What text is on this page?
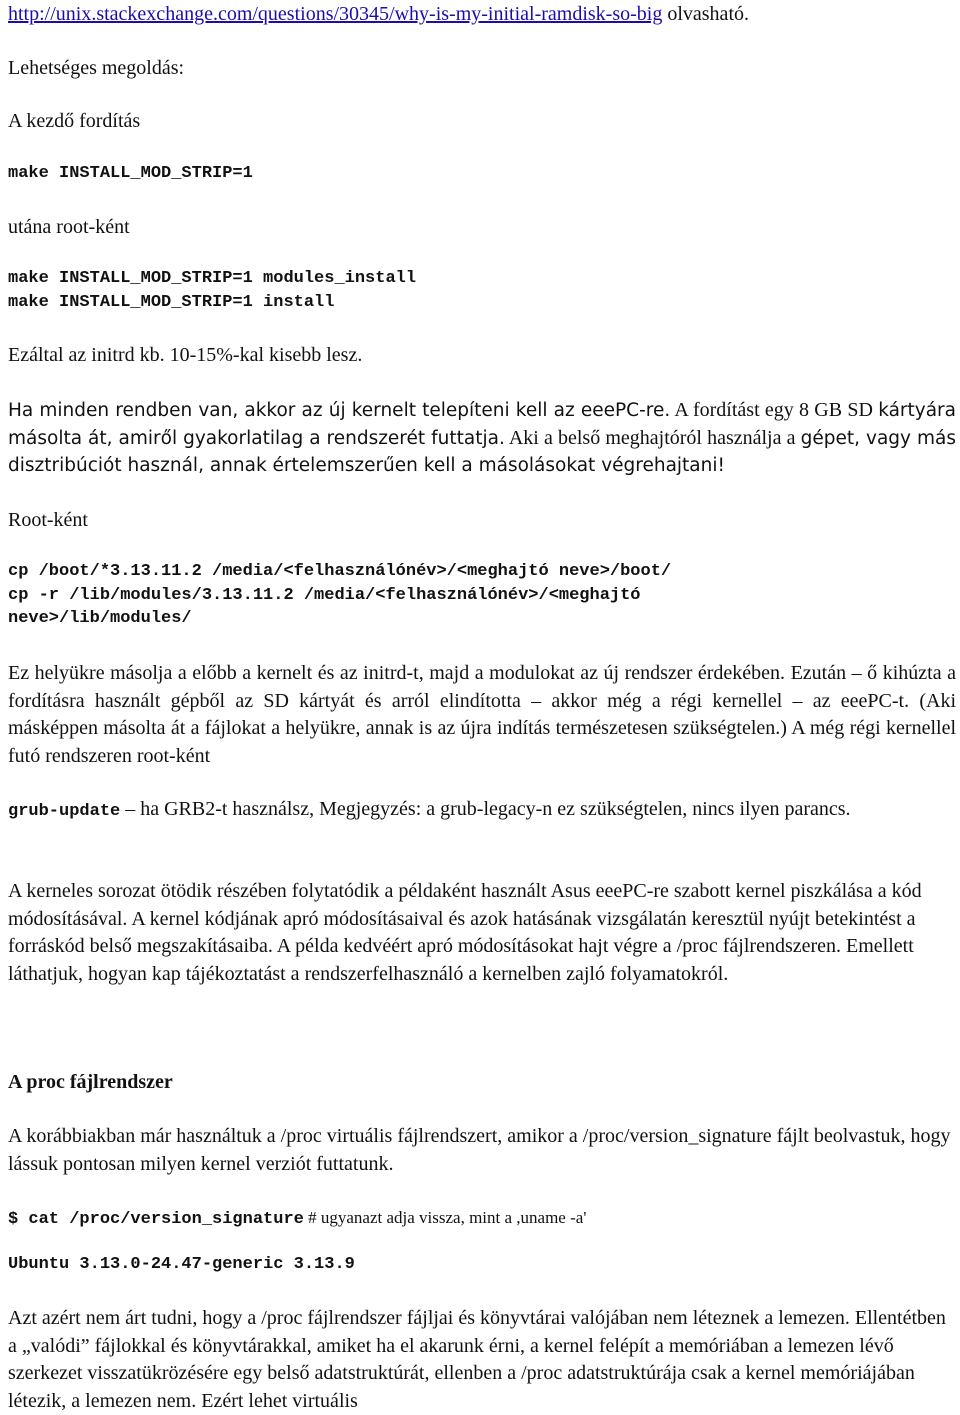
http://unix.stackexchange.com/questions/30345/why-is-my-initial-ramdisk-so-big olvasható.

Lehetséges megoldás:

A kezdő fordítás

make INSTALL_MOD_STRIP=1

utána root-ként

make INSTALL_MOD_STRIP=1 modules_install
make INSTALL_MOD_STRIP=1 install

Ezáltal az initrd kb. 10-15%-kal kisebb lesz.

Ha minden rendben van, akkor az új kernelt telepíteni kell az eeePC-re. A fordítást egy 8 GB SD kártyára másolta át, amiről gyakorlatilag a rendszerét futtatja. Aki a belső meghajtóról használja a gépet, vagy más disztribúciót használ, annak értelemszerűen kell a másolásokat végrehajtani!

Root-ként

cp /boot/*3.13.11.2 /media/<felhasználónév>/<meghajtó neve>/boot/
cp -r /lib/modules/3.13.11.2 /media/<felhasználónév>/<meghajtó
neve>/lib/modules/

Ez helyükre másolja a előbb a kernelt és az initrd-t, majd a modulokat az új rendszer érdekében. Ezután – ő kihúzta a fordításra használt gépből az SD kártyát és arról elindította – akkor még a régi kernellel – az eeePC-t. (Aki másképpen másolta át a fájlokat a helyükre, annak is az újra indítás természetesen szükségtelen.) A még régi kernellel futó rendszeren root-ként

grub-update – ha GRB2-t használsz, Megjegyzés: a grub-legacy-n ez szükségtelen, nincs ilyen parancs.

A kerneles sorozat ötödik részében folytatódik a példaként használt Asus eeePC-re szabott kernel piszkálása a kód módosításával. A kernel kódjának apró módosításaival és azok hatásának vizsgálatán keresztül nyújt betekintést a forráskód belső megszakításaiba. A példa kedvéért apró módosításokat hajt végre a /proc fájlrendszeren. Emellett láthatjuk, hogyan kap tájékoztatást a rendszerfelhasználó a kernelben zajló folyamatokról.

A proc fájlrendszer

A korábbiakban már használtuk a /proc virtuális fájlrendszert, amikor a /proc/version_signature fájlt beolvastuk, hogy lássuk pontosan milyen kernel verziót futtatunk.

$ cat /proc/version_signature # ugyanazt adja vissza, mint a ,uname -a'

Ubuntu 3.13.0-24.47-generic 3.13.9

Azt azért nem árt tudni, hogy a /proc fájlrendszer fájljai és könyvtárai valójában nem léteznek a lemezen. Ellentétben a „valódi” fájlokkal és könyvtárakkal, amiket ha el akarunk érni, a kernel felépít a memóriában a lemezen lévő szerkezet visszatükrözésére egy belső adatstruktúrát, ellenben a /proc adatstruktúrája csak a kernel memóriájában létezik, a lemezen nem. Ezért lehet virtuális
